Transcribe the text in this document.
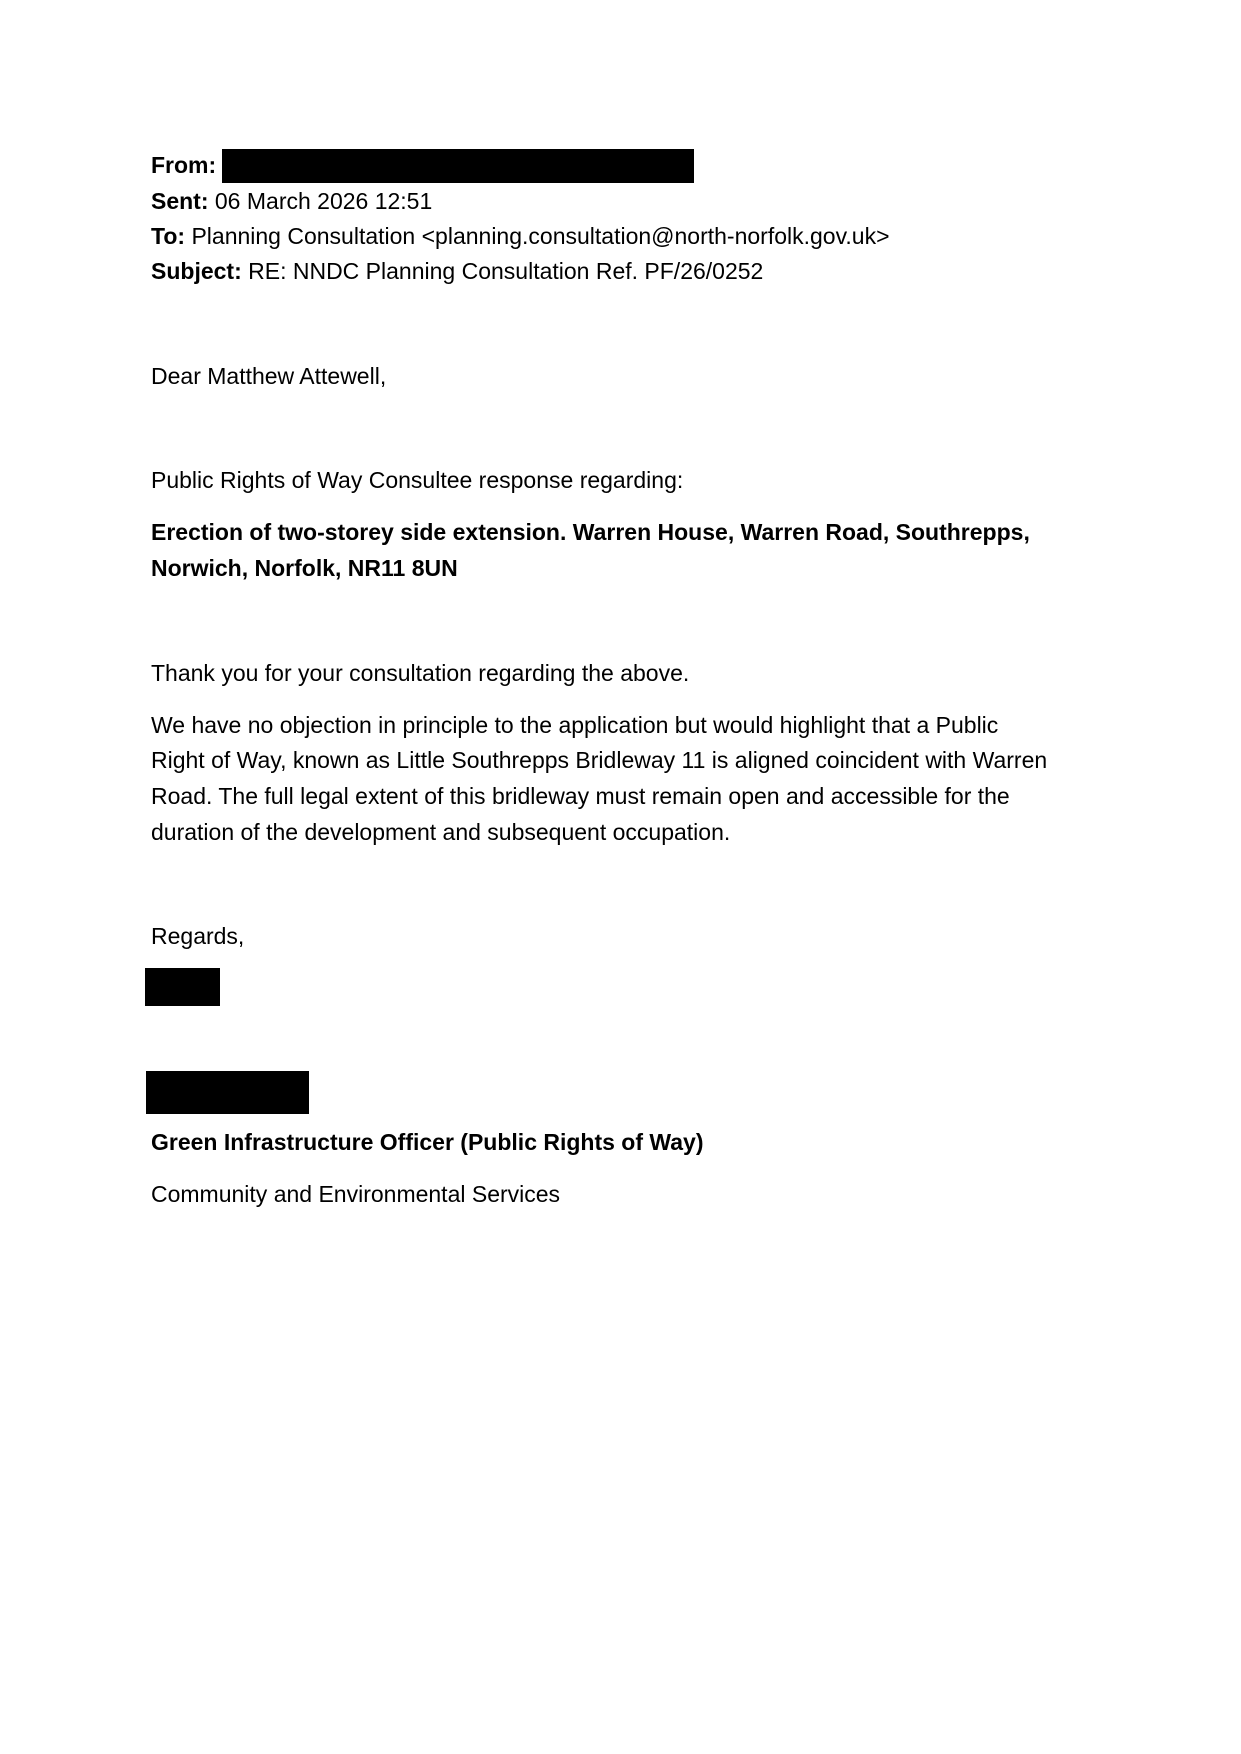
From:
Sent: 06 March 2026 12:51
To: Planning Consultation <planning.consultation@north-norfolk.gov.uk>
Subject: RE: NNDC Planning Consultation Ref. PF/26/0252
Dear Matthew Attewell,
Public Rights of Way Consultee response regarding:
Erection of two-storey side extension. Warren House, Warren Road, Southrepps,
Norwich, Norfolk, NR11 8UN
Thank you for your consultation regarding the above.
We have no objection in principle to the application but would highlight that a Public
Right of Way, known as Little Southrepps Bridleway 11 is aligned coincident with Warren
Road. The full legal extent of this bridleway must remain open and accessible for the
duration of the development and subsequent occupation.
Regards,
Green Infrastructure Officer (Public Rights of Way)
Community and Environmental Services
